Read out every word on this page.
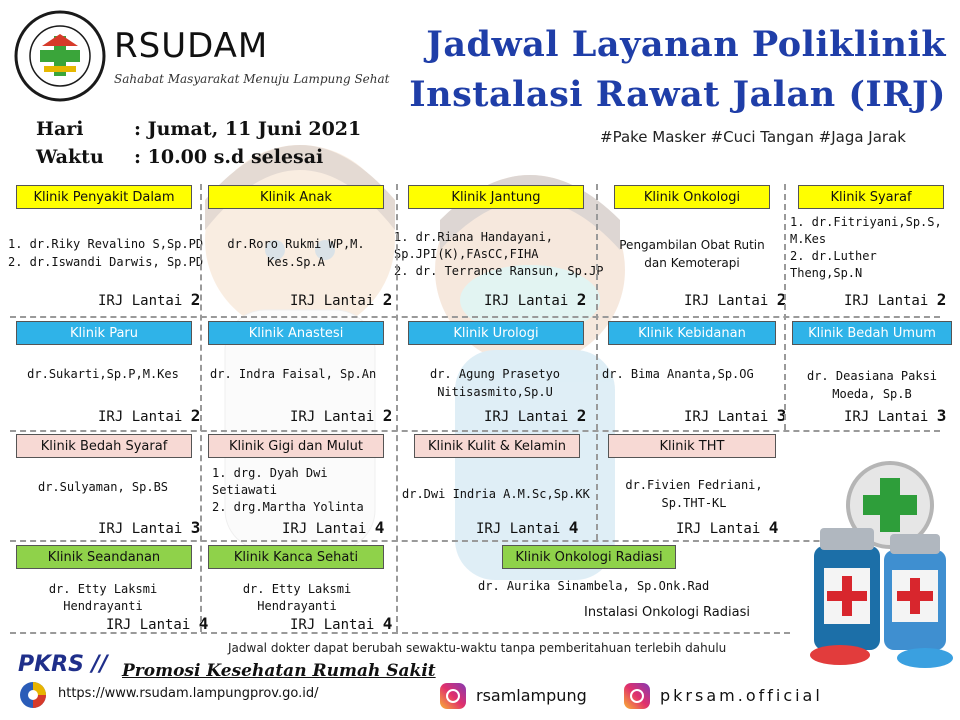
RSUDAM
Sahabat Masyarakat Menuju Lampung Sehat
Jadwal Layanan Poliklinik
Instalasi Rawat Jalan (IRJ)
Hari	: Jumat, 11 Juni 2021
Waktu : 10.00 s.d selesai
#Pake Masker #Cuci Tangan #Jaga Jarak
Klinik Penyakit Dalam
1. dr.Riky Revalino S,Sp.PD
2. dr.Iswandi Darwis, Sp.PD
IRJ Lantai 2
Klinik Anak
dr.Roro Rukmi WP,M.
Kes.Sp.A
IRJ Lantai 2
Klinik Jantung
1. dr.Riana Handayani,
Sp.JPI(K),FAsCC,FIHA
2. dr. Terrance Ransun, Sp.JP
IRJ Lantai 2
Klinik Onkologi
Pengambilan Obat Rutin
dan Kemoterapi
IRJ Lantai 2
Klinik Syaraf
1. dr.Fitriyani,Sp.S,
M.Kes
2. dr.Luther
Theng,Sp.N
IRJ Lantai 2
Klinik Paru
dr.Sukarti,Sp.P,M.Kes
IRJ Lantai 2
Klinik Anastesi
dr. Indra Faisal, Sp.An
IRJ Lantai 2
Klinik Urologi
dr. Agung Prasetyo
Nitisasmito,Sp.U
IRJ Lantai 2
Klinik Kebidanan
dr. Bima Ananta,Sp.OG
IRJ Lantai 3
Klinik Bedah Umum
dr. Deasiana Paksi
Moeda, Sp.B
IRJ Lantai 3
Klinik Bedah Syaraf
dr.Sulyaman, Sp.BS
IRJ Lantai 3
Klinik Gigi dan Mulut
1. drg. Dyah Dwi
Setiawati
2. drg.Martha Yolinta
IRJ Lantai 4
Klinik Kulit & Kelamin
dr.Dwi Indria A.M.Sc,Sp.KK
IRJ Lantai 4
Klinik THT
dr.Fivien Fedriani,
Sp.THT-KL
IRJ Lantai 4
Klinik Seandanan
dr. Etty Laksmi
Hendrayanti
IRJ Lantai 4
Klinik Kanca Sehati
dr. Etty Laksmi
Hendrayanti
IRJ Lantai 4
Klinik Onkologi Radiasi
dr. Aurika Sinambela, Sp.Onk.Rad
Instalasi Onkologi Radiasi
Jadwal dokter dapat berubah sewaktu-waktu tanpa pemberitahuan terlebih dahulu
PKRS // Promosi Kesehatan Rumah Sakit
https://www.rsudam.lampungprov.go.id/	rsamlampung	pkrsam.official
